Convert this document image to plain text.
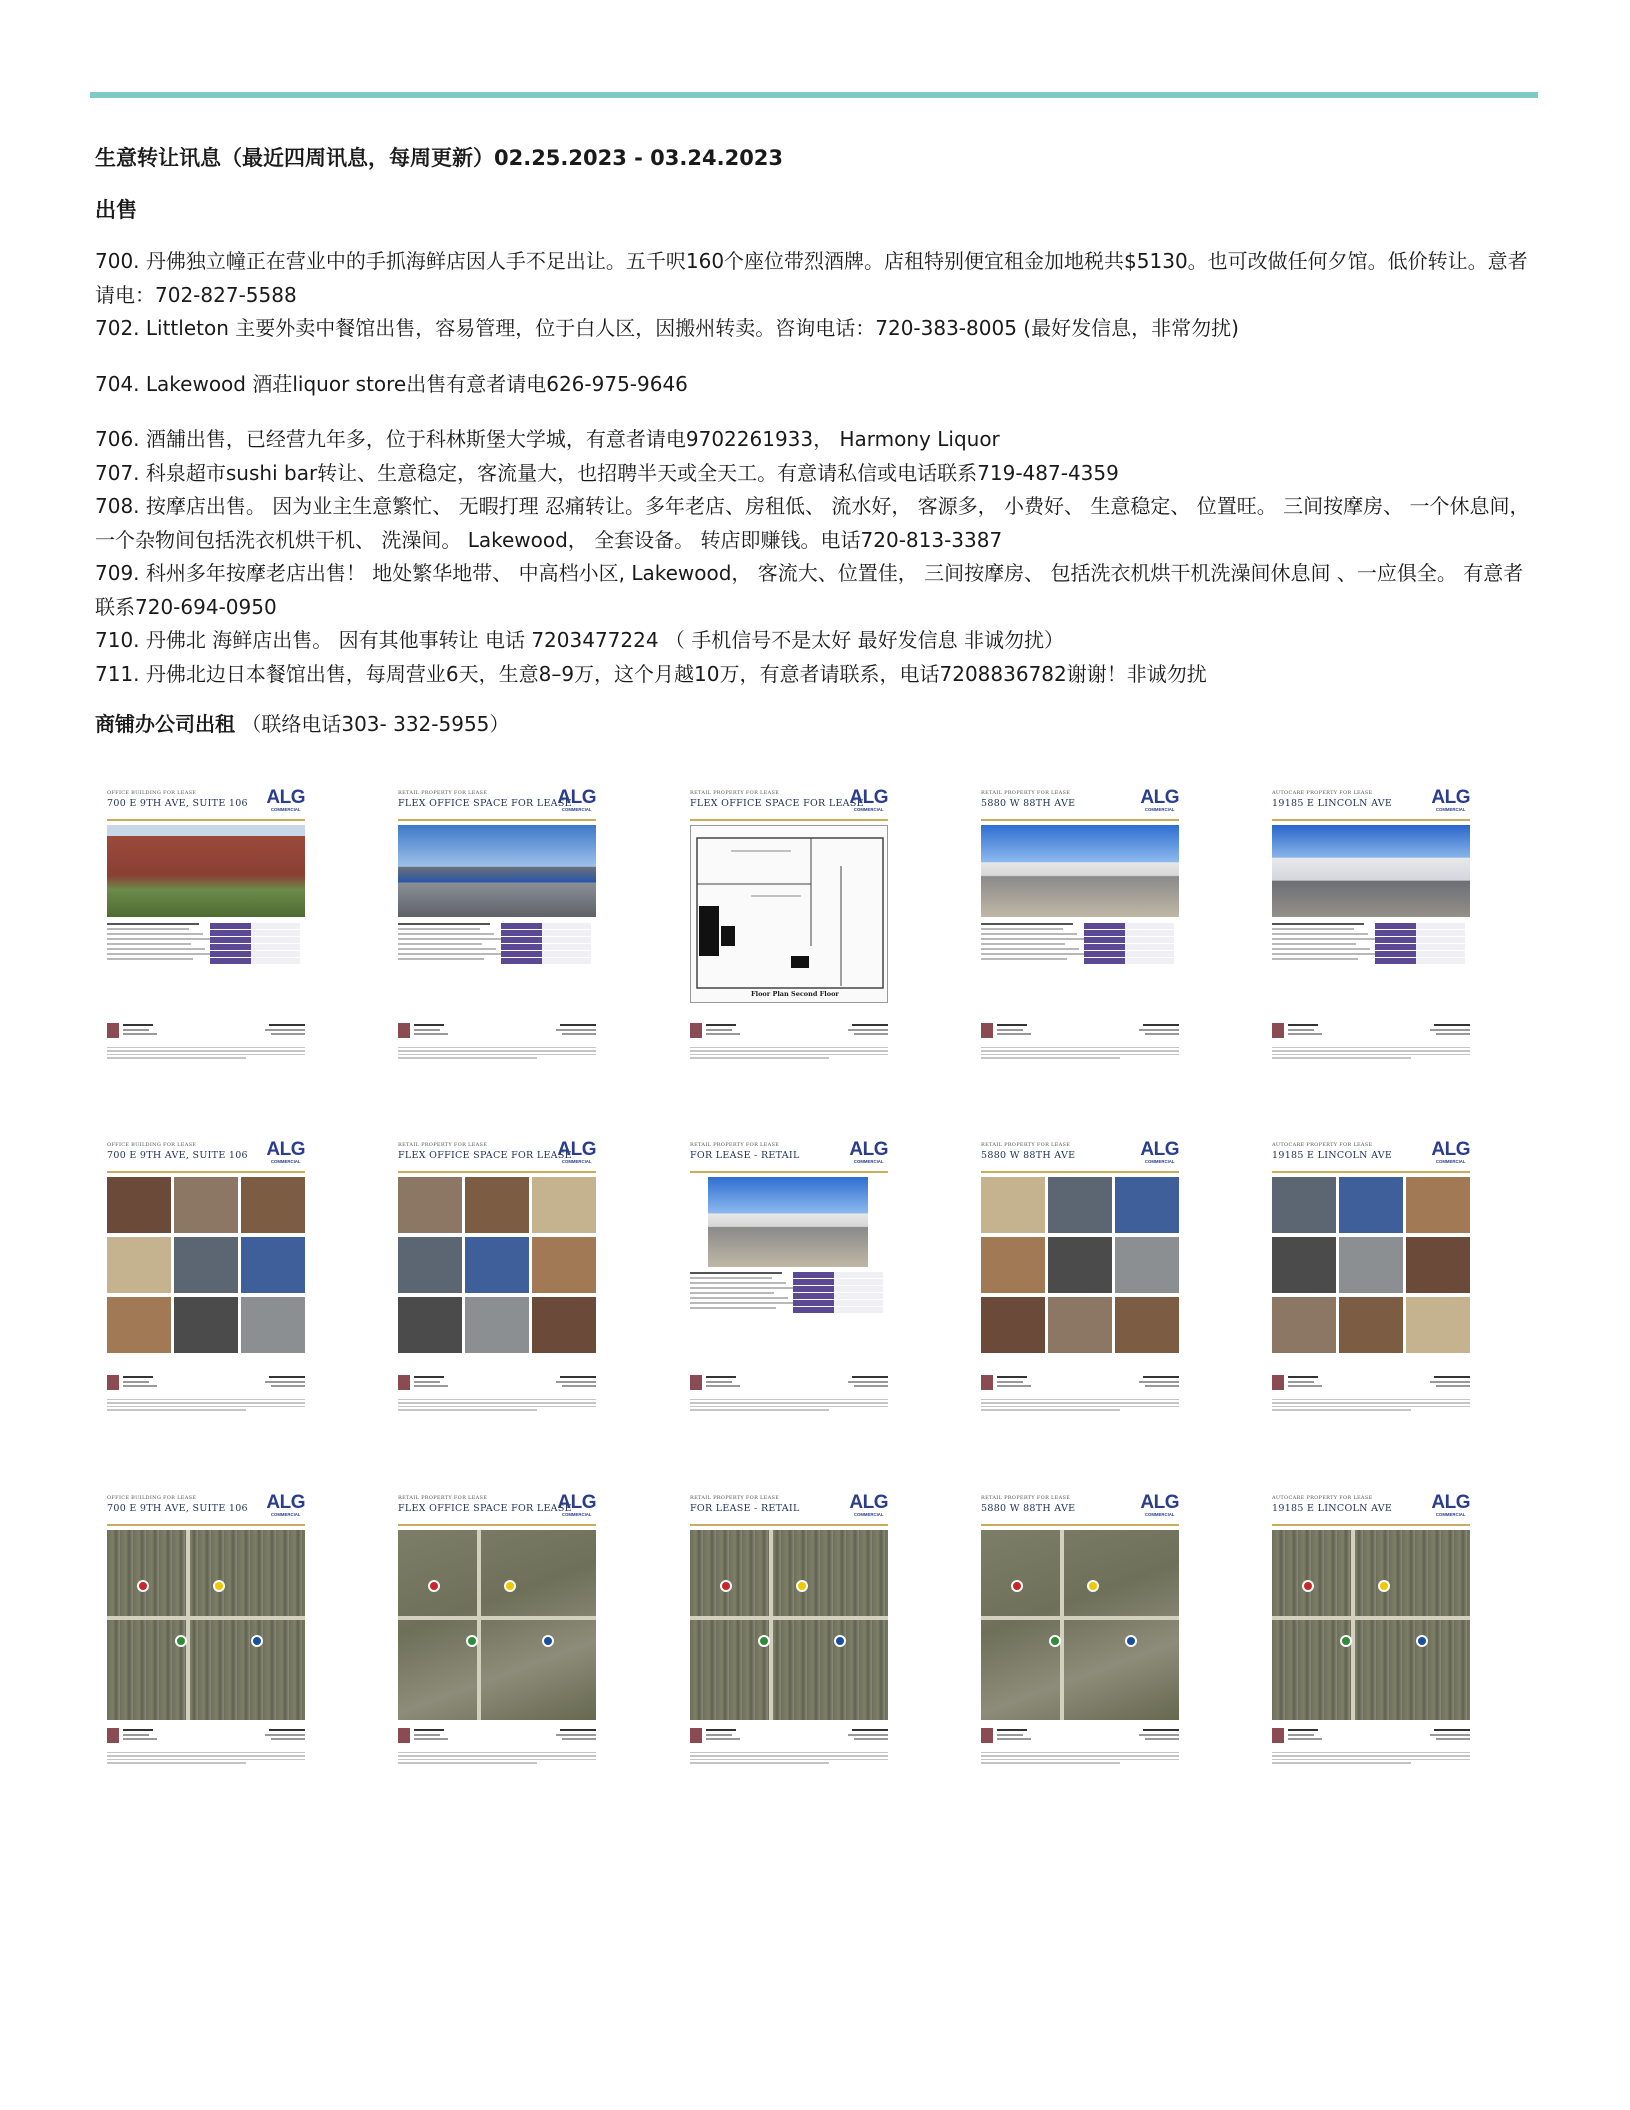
生意转让讯息（最近四周讯息，每周更新）02.25.2023 - 03.24.2023
出售
700. 丹佛独立幢正在营业中的手抓海鲜店因人手不足出让。五千呎160个座位带烈酒牌。店租特别便宜租金加地税共$5130。也可改做任何夕馆。低价转让。意者请电：702-827-5588
702. Littleton 主要外卖中餐馆出售，容易管理，位于白人区，因搬州转卖。咨询电话：720-383-8005 (最好发信息，非常勿扰)
704. Lakewood 酒荘liquor store出售有意者请电626-975-9646
706. 酒舗出售，已经营九年多，位于科林斯堡大学城，有意者请电9702261933， Harmony Liquor
707. 科泉超市sushi bar转让、生意稳定，客流量大，也招聘半天或全天工。有意请私信或电话联系719-487-4359
708. 按摩店出售。 因为业主生意繁忙、 无暇打理 忍痛转让。多年老店、房租低、 流水好， 客源多， 小费好、 生意稳定、 位置旺。 三间按摩房、 一个休息间，一个杂物间包括洗衣机烘干机、 洗澡间。 Lakewood， 全套设备。 转店即赚钱。电话720-813-3387
709. 科州多年按摩老店出售！ 地处繁华地带、 中高档小区, Lakewood， 客流大、位置佳， 三间按摩房、 包括洗衣机烘干机洗澡间休息间 、一应俱全。 有意者联系720-694-0950
710. 丹佛北 海鲜店出售。 因有其他事转让 电话 7203477224 （ 手机信号不是太好 最好发信息 非诚勿扰）
711. 丹佛北边日本餐馆出售，每周营业6天，生意8–9万，这个月越10万，有意者请联系，电话7208836782谢谢！非诚勿扰
商铺办公司出租 （联络电话303- 332-5955）
OFFICE BUILDING FOR LEASE
700 E 9TH AVE, SUITE 106 ALG
COMMERCIAL
RETAIL PROPERTY FOR LEASE
FLEX OFFICE SPACE FOR LEASE
ALG
COMMERCIAL
RETAIL PROPERTY FOR LEASE
FLEX OFFICE SPACE FOR LEASE
ALG
COMMERCIAL
Floor Plan Second Floor
RETAIL PROPERTY FOR LEASE
5880 W 88TH AVE	ALG
COMMERCIAL
AUTOCARE PROPERTY FOR LEASE
19185 E LINCOLN AVE ALG
COMMERCIAL
OFFICE BUILDING FOR LEASE
700 E 9TH AVE, SUITE 106 ALG
COMMERCIAL
RETAIL PROPERTY FOR LEASE
FLEX OFFICE SPACE FOR LEASE
ALG
COMMERCIAL
RETAIL PROPERTY FOR LEASE
FOR LEASE - RETAIL	ALG
COMMERCIAL
RETAIL PROPERTY FOR LEASE
5880 W 88TH AVE	ALG
COMMERCIAL
AUTOCARE PROPERTY FOR LEASE
19185 E LINCOLN AVE ALG
COMMERCIAL
OFFICE BUILDING FOR LEASE
700 E 9TH AVE, SUITE 106 ALG
COMMERCIAL
RETAIL PROPERTY FOR LEASE
FLEX OFFICE SPACE FOR LEASE
ALG
COMMERCIAL
RETAIL PROPERTY FOR LEASE
FOR LEASE - RETAIL	ALG
COMMERCIAL
RETAIL PROPERTY FOR LEASE
5880 W 88TH AVE	ALG
COMMERCIAL
AUTOCARE PROPERTY FOR LEASE
19185 E LINCOLN AVE ALG
COMMERCIAL
